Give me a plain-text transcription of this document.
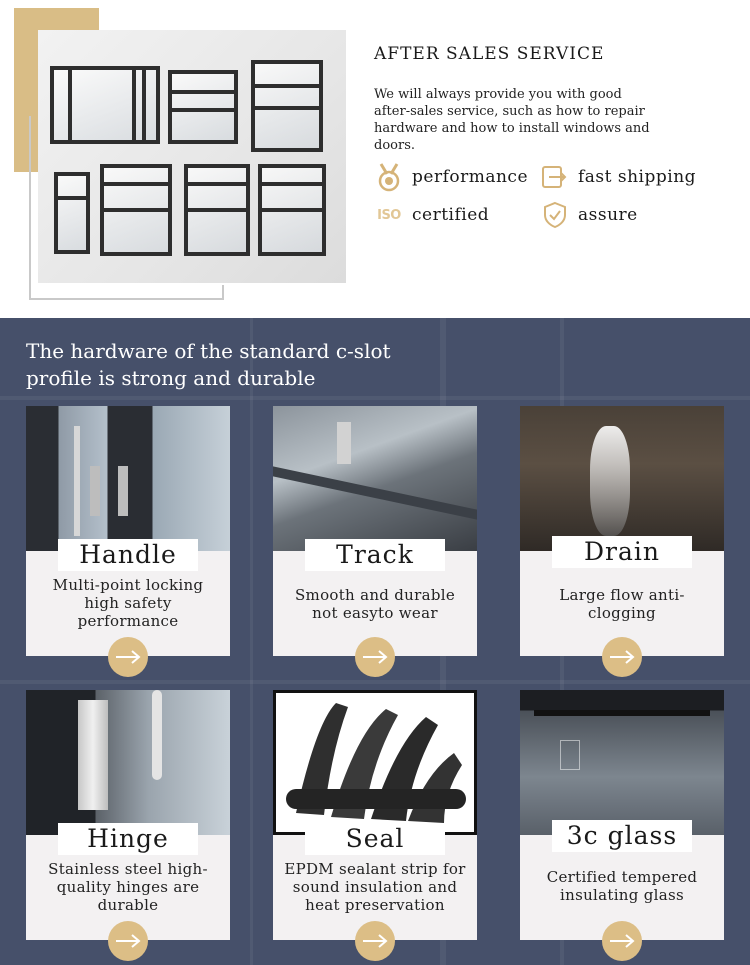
AFTER SALES SERVICE
We will always provide you with good after-sales service, such as how to repair hardware and how to install windows and doors.
performance	fast shipping
ISO certified	assure
The hardware of the standard c-slot profile is strong and durable
Handle
Multi-point locking high safety performance
Track
Smooth and durable not easyto wear
Drain
Large flow anti-clogging
Hinge
Stainless steel high-quality hinges are durable
Seal
EPDM sealant strip for sound insulation and heat preservation
3c glass
Certified tempered insulating glass
